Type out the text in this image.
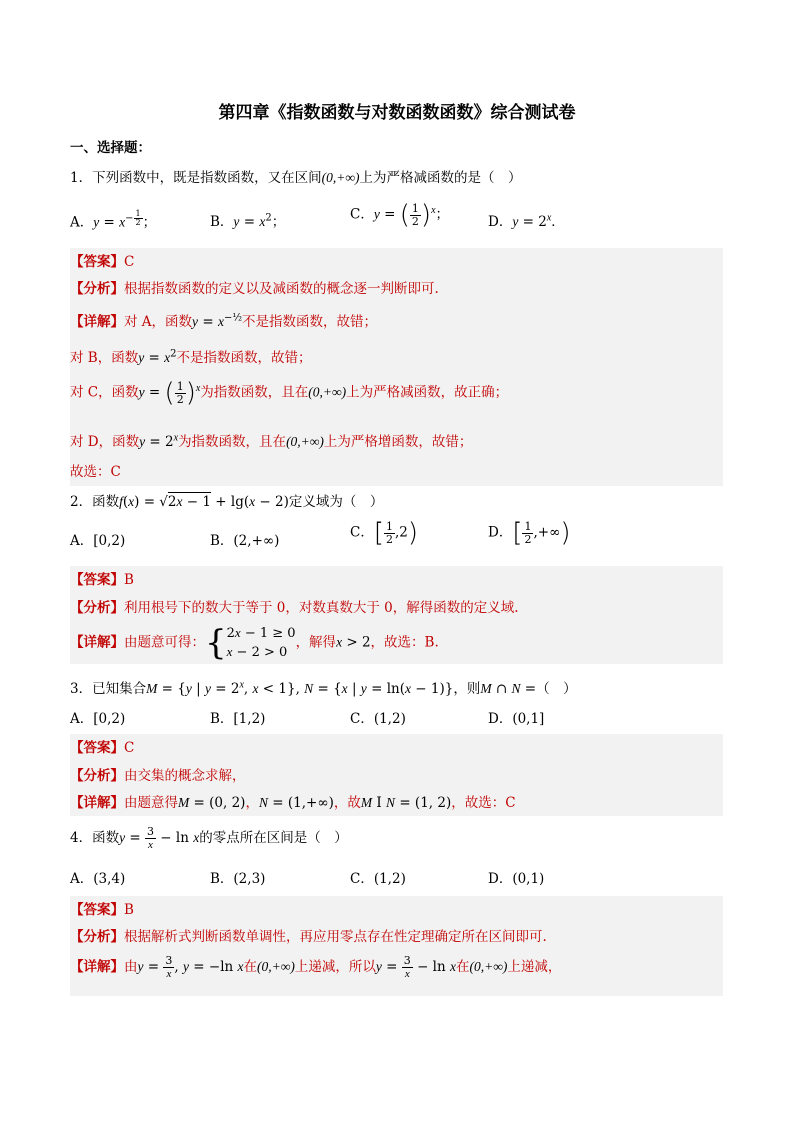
第四章《指数函数与对数函数函数》综合测试卷
一、选择题：
1．下列函数中，既是指数函数，又在区间(0,+∞)上为严格减函数的是（　）
A．$y = x^{- \frac{1}{2}}$ ；	B．$y = x^2$；	C．y = ( $\frac{1}{2} )^x$；	D．$y = 2^x$．
【答案】C
【分析】根据指数函数的定义以及减函数的概念逐一判断即可.
【详解】对 A，函数$y = x^{-\frac{1}{2}}$不是指数函数，故错；
对 B，函数$y = x^2$不是指数函数，故错；
对 C，函数y = ( $\frac{1}{2} )^x$为指数函数，且在(0,+∞)上为严格减函数，故正确；
对 D，函数$y = 2^x$为指数函数，且在(0,+∞)上为严格增函数，故错；
故选：C
2．函数f(x) = √2x − 1 + lg(x − 2)定义域为（　）
A．[0,2)	B．(2,+∞)
C．[ $\frac{1}{2} ,2$)	D．[ $\frac{1}{2}$ ,+∞)
【答案】B
【分析】利用根号下的数大于等于 0，对数真数大于 0，解得函数的定义域.
【详解】由题意可得：{ 2x − 1 ≥ 0
x − 2 > 0
，解得x > 2，故选：B.
3．已知集合M = {y | $y = 2^x$, x < 1}, N = {x | y = ln(x − 1)}，则M ∩ N =（　）
A．[0,2)	B．[1,2)	C．(1,2)	D．(0,1]
【答案】C
【分析】由交集的概念求解，
【详解】由题意得M = (0, 2)，N = (1,+∞)，故M I N = (1, 2)，故选：C
4．函数$y = \frac{3}{x} - \ln x$的零点所在区间是（　）
A．(3,4)	B．(2,3)	C．(1,2)	D．(0,1)
【答案】B
【分析】根据解析式判断函数单调性，再应用零点存在性定理确定所在区间即可.
【详解】由$y = \frac{3}{x}$ , y = −ln x在(0,+∞)上递减，所以$y = \frac{3}{x} - \ln x$在(0,+∞)上递减，
